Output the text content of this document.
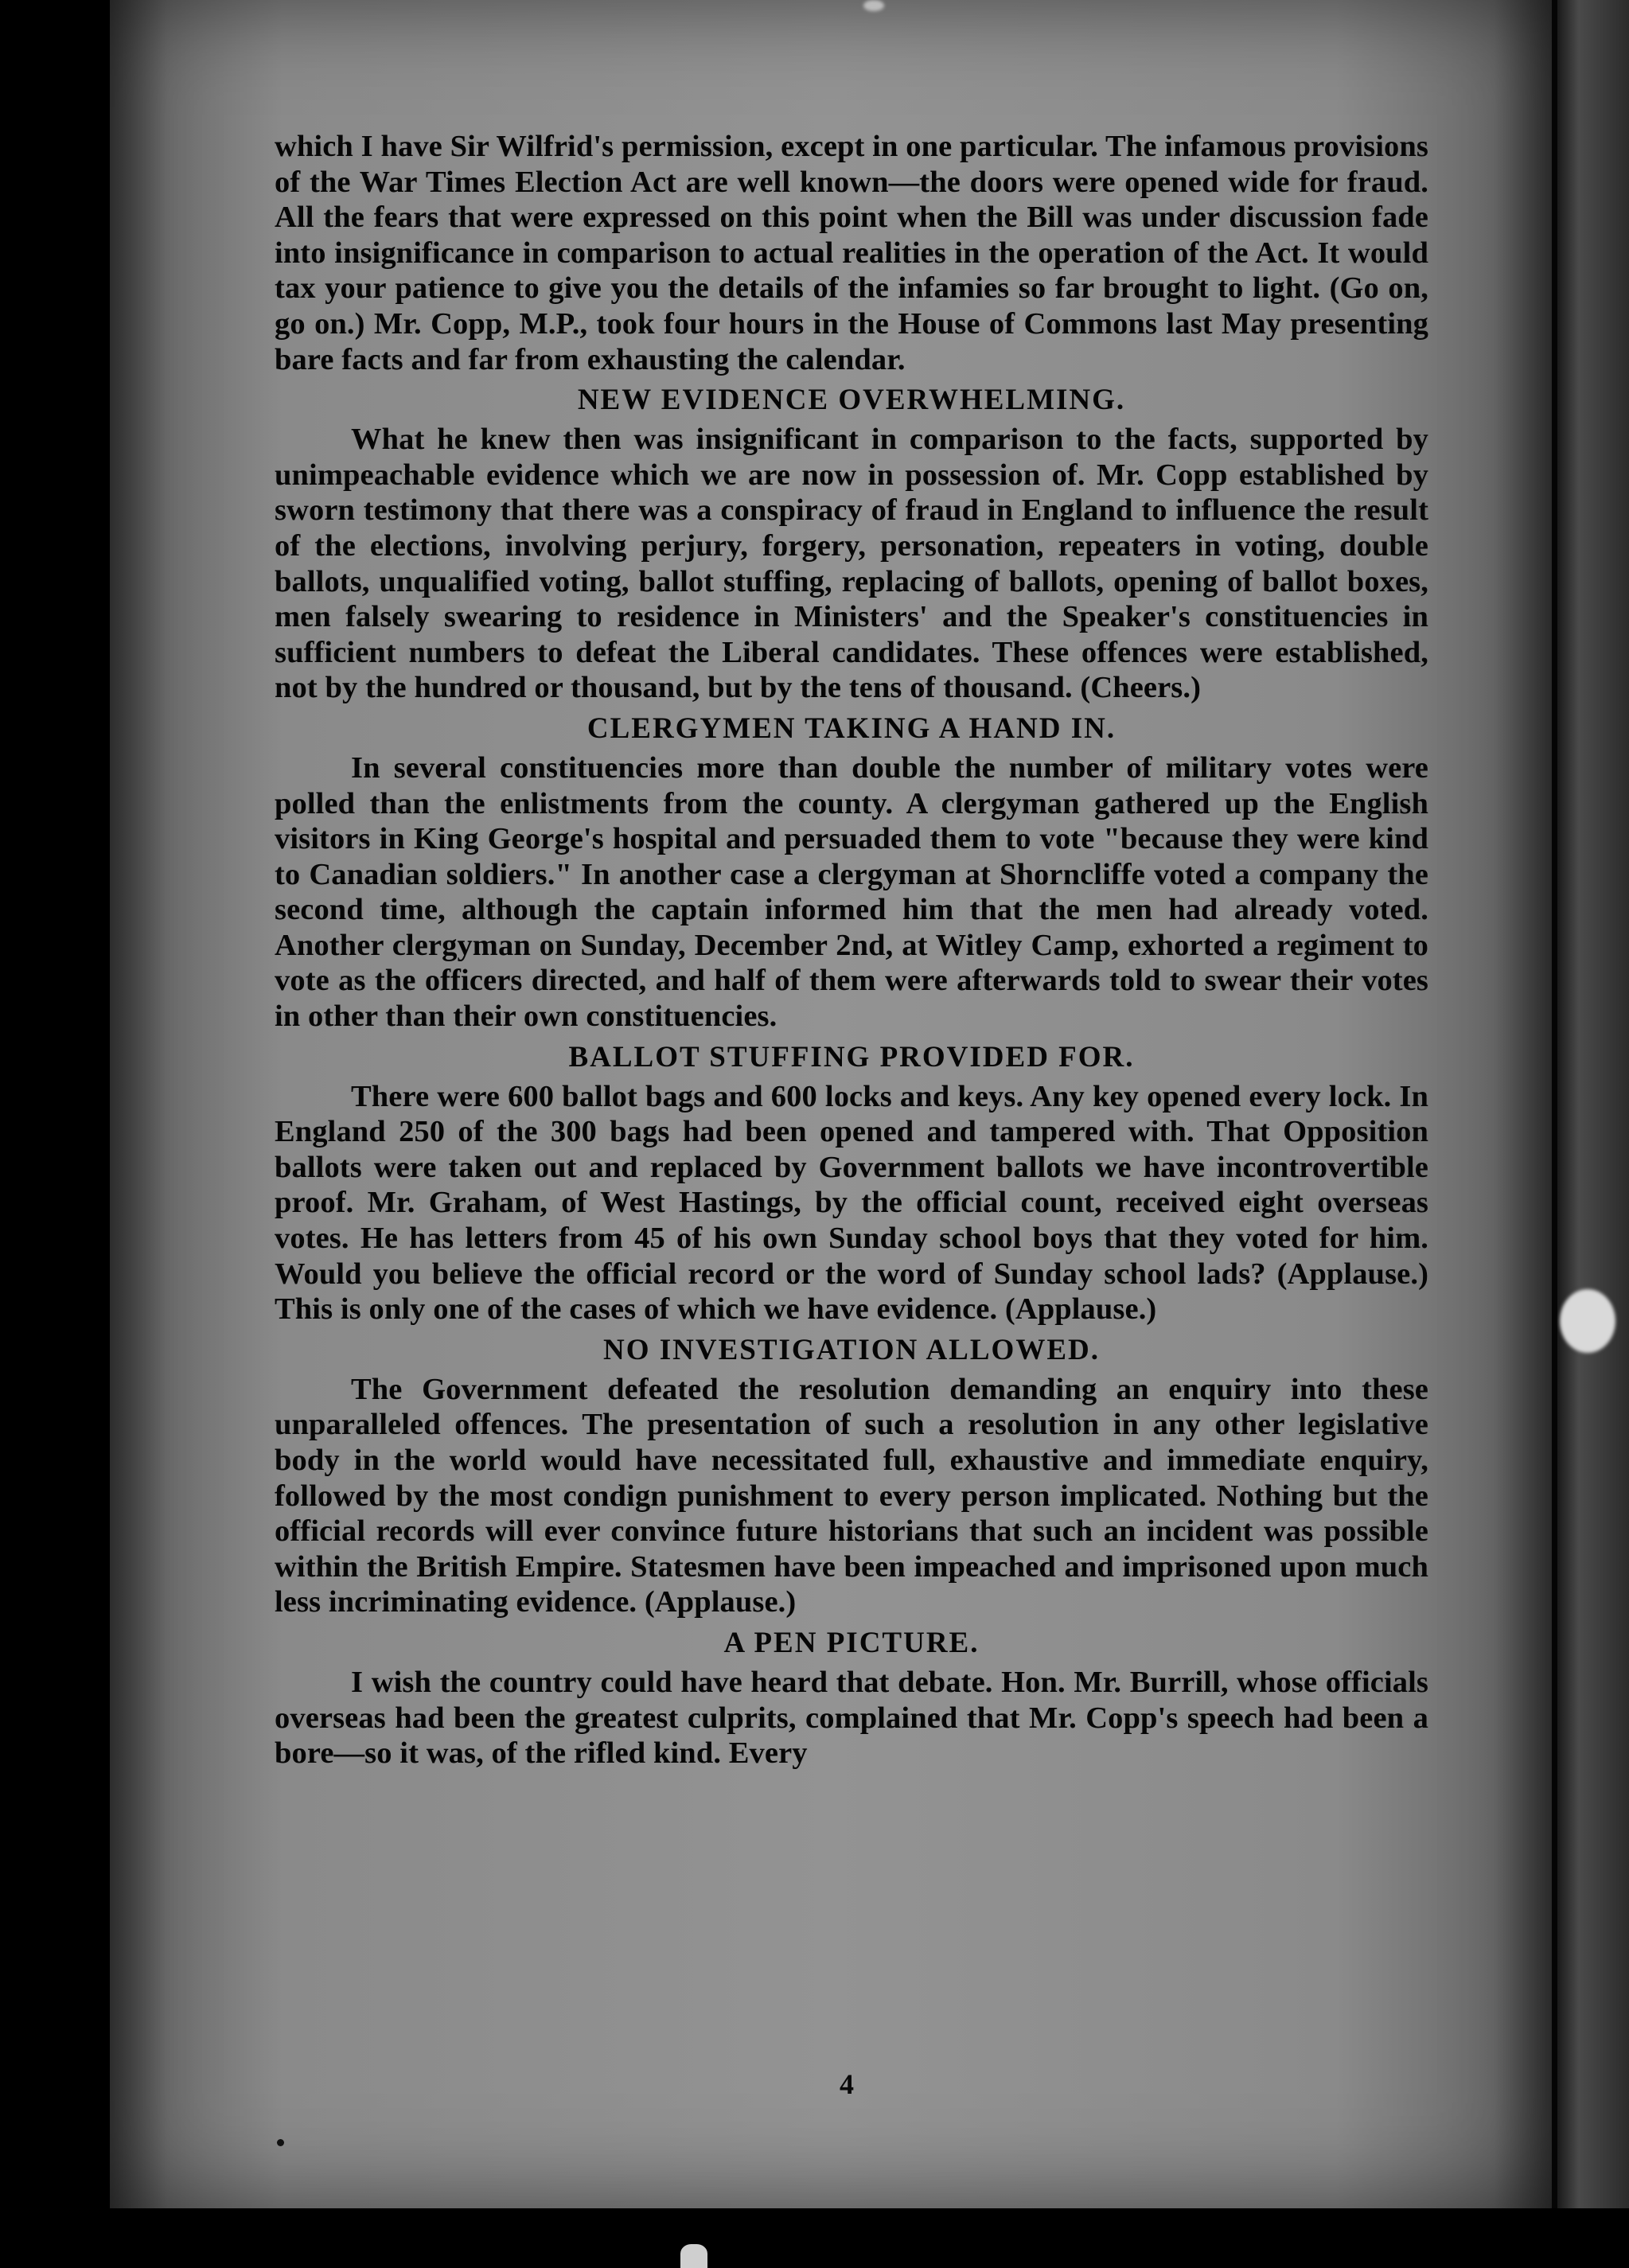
which I have Sir Wilfrid's permission, except in one particular. The infamous provisions of the War Times Election Act are well known—the doors were opened wide for fraud. All the fears that were expressed on this point when the Bill was under discussion fade into insignificance in comparison to actual realities in the operation of the Act. It would tax your patience to give you the details of the infamies so far brought to light. (Go on, go on.) Mr. Copp, M.P., took four hours in the House of Commons last May presenting bare facts and far from exhausting the calendar.

NEW EVIDENCE OVERWHELMING.

What he knew then was insignificant in comparison to the facts, supported by unimpeachable evidence which we are now in possession of. Mr. Copp established by sworn testimony that there was a conspiracy of fraud in England to influence the result of the elections, involving perjury, forgery, personation, repeaters in voting, double ballots, unqualified voting, ballot stuffing, replacing of ballots, opening of ballot boxes, men falsely swearing to residence in Ministers' and the Speaker's constituencies in sufficient numbers to defeat the Liberal candidates. These offences were established, not by the hundred or thousand, but by the tens of thousand. (Cheers.)

CLERGYMEN TAKING A HAND IN.

In several constituencies more than double the number of military votes were polled than the enlistments from the county. A clergyman gathered up the English visitors in King George's hospital and persuaded them to vote "because they were kind to Canadian soldiers." In another case a clergyman at Shorncliffe voted a company the second time, although the captain informed him that the men had already voted. Another clergyman on Sunday, December 2nd, at Witley Camp, exhorted a regiment to vote as the officers directed, and half of them were afterwards told to swear their votes in other than their own constituencies.

BALLOT STUFFING PROVIDED FOR.

There were 600 ballot bags and 600 locks and keys. Any key opened every lock. In England 250 of the 300 bags had been opened and tampered with. That Opposition ballots were taken out and replaced by Government ballots we have incontrovertible proof. Mr. Graham, of West Hastings, by the official count, received eight overseas votes. He has letters from 45 of his own Sunday school boys that they voted for him. Would you believe the official record or the word of Sunday school lads? (Applause.) This is only one of the cases of which we have evidence. (Applause.)

NO INVESTIGATION ALLOWED.

The Government defeated the resolution demanding an enquiry into these unparalleled offences. The presentation of such a resolution in any other legislative body in the world would have necessitated full, exhaustive and immediate enquiry, followed by the most condign punishment to every person implicated. Nothing but the official records will ever convince future historians that such an incident was possible within the British Empire. Statesmen have been impeached and imprisoned upon much less incriminating evidence. (Applause.)

A PEN PICTURE.

I wish the country could have heard that debate. Hon. Mr. Burrill, whose officials overseas had been the greatest culprits, complained that Mr. Copp's speech had been a bore—so it was, of the rifled kind. Every

4
